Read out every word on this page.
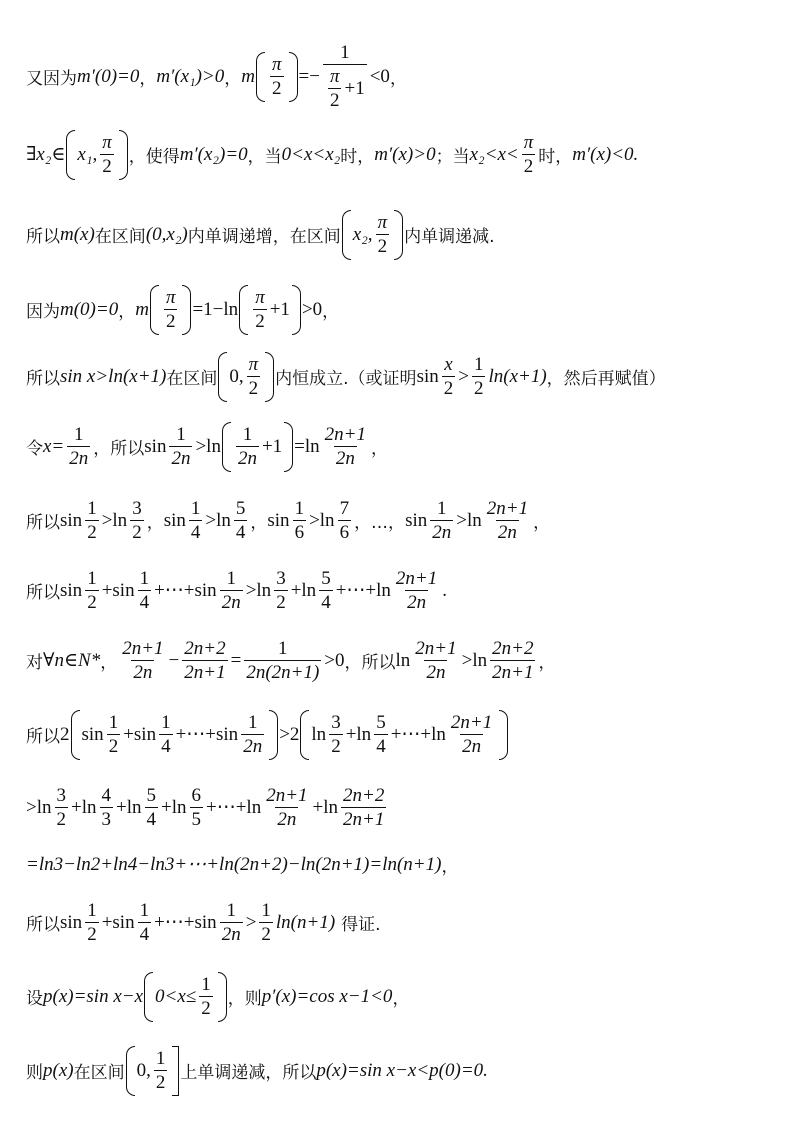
又因为 m′(0)=0 ， m′(x₁)>0 ， m $\frac{\pi}{2} =- \frac{1}{\frac{\pi}{2} +1} <0$ ，
∃x₂∈ x₁, $\frac{\pi}{2}$ ，使得 m′(x₂)=0 ，当 0<x<x₂ 时， m′(x)>0 ；当 $x_2<x< \frac{\pi}{2}$ 时， m′(x)<0.
所以 m(x) 在区间 (0,x₂) 内单调递增，在区间 x₂, $\frac{\pi}{2}$ 内单调递减.
因为 m(0)=0 ， m $\frac{\pi}{2} =1-\ln \frac{\pi}{2} +1 >0$ ，
所以 sin x>ln(x+1) 在区间 0, $\frac{\pi}{2}$ 内恒成立.（或证明 $\sin \frac{x}{2} > \frac{1}{2} \ln(x+1)$ ，然后再赋值）
令 $x= \frac{1}{2n}$ ，所以 $\sin \frac{1}{2n} >\ln \frac{1}{2n} +1 =\ln \frac{2n+1}{2n}$ ，
所以 $\sin \frac{1}{2} >\ln \frac{3}{2}$ ， $\sin \frac{1}{4} >\ln \frac{5}{4}$ ， $\sin \frac{1}{6} >\ln \frac{7}{6}$ ，…， $\sin \frac{1}{2n} >\ln \frac{2n+1}{2n}$ ，
所以 $\sin \frac{1}{2} +\sin \frac{1}{4}$ +⋯+sin $\frac{1}{2n} >\ln \frac{3}{2} +\ln \frac{5}{4}$ +⋯+ln $\frac{2n+1}{2n}$ .
对 ∀n∈N* ， $\frac{2n+1}{2n} - \frac{2n+2}{2n+1} = \frac{1}{2n(2n+1)} >0$ ，所以 $\ln \frac{2n+1}{2n} >\ln \frac{2n+2}{2n+1}$ ，
所以 2 $\sin \frac{1}{2} +\sin \frac{1}{4}$ +⋯+sin $\frac{1}{2n} >2$ $\ln \frac{3}{2} +\ln \frac{5}{4}$ +⋯+ln $\frac{2n+1}{2n}$
$>\ln \frac{3}{2} +\ln \frac{4}{3} +\ln \frac{5}{4} +\ln \frac{6}{5}$ +⋯+ln $\frac{2n+1}{2n} +\ln \frac{2n+2}{2n+1}$
=ln3−ln2+ln4−ln3+⋯+ln(2n+2)−ln(2n+1)=ln(n+1) ，
所以 $\sin \frac{1}{2} +\sin \frac{1}{4}$ +⋯+sin $\frac{1}{2n} > \frac{1}{2} \ln(n+1)$ 得证.
设 p(x)=sin x−x $0<x\le \frac{1}{2}$ ，则 p′(x)=cos x−1<0 ，
则 p(x) 在区间 0, $\frac{1}{2}$ 上单调递减，所以 p(x)=sin x−x<p(0)=0.
